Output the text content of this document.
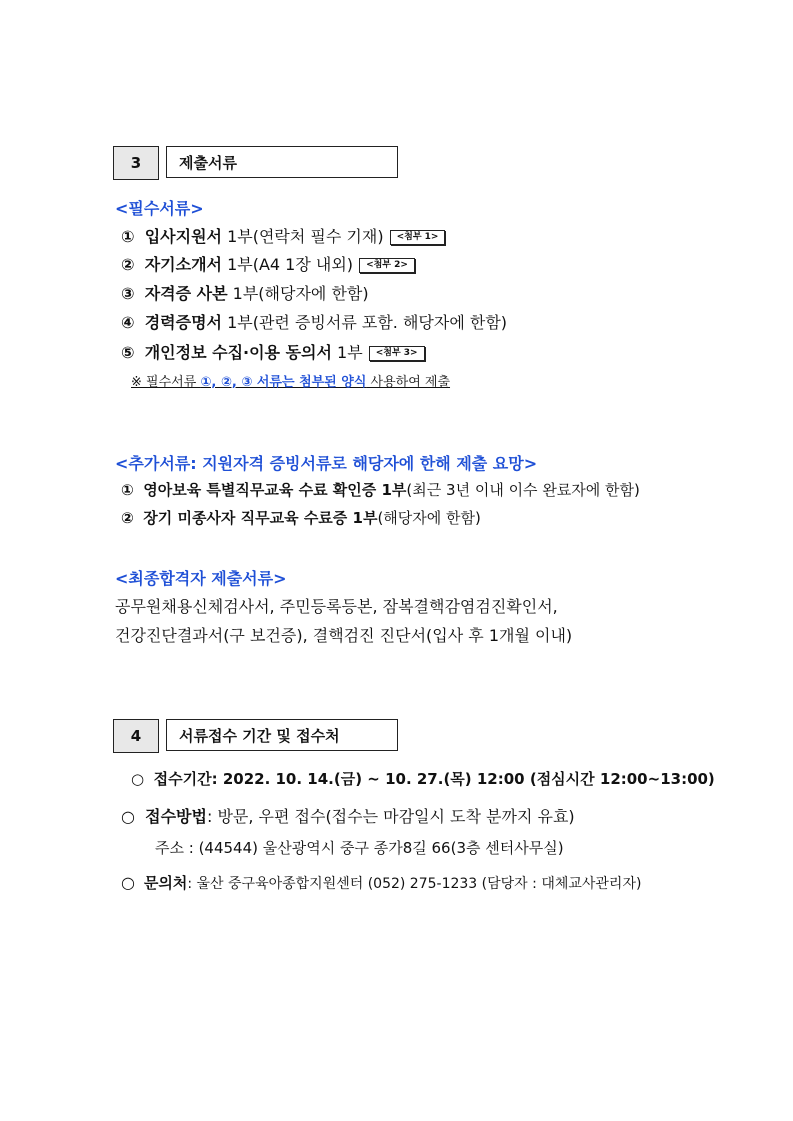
3	제출서류
<필수서류>
① 입사지원서 1부(연락처 필수 기재) <첨부 1>
② 자기소개서 1부(A4 1장 내외) <첨부 2>
③ 자격증 사본 1부(해당자에 한함)
④ 경력증명서 1부(관련 증빙서류 포함. 해당자에 한함)
⑤ 개인정보 수집·이용 동의서 1부 <첨부 3>
※ 필수서류 ①, ②, ③ 서류는 첨부된 양식 사용하여 제출
<추가서류: 지원자격 증빙서류로 해당자에 한해 제출 요망>
① 영아보육 특별직무교육 수료 확인증 1부(최근 3년 이내 이수 완료자에 한함)
② 장기 미종사자 직무교육 수료증 1부(해당자에 한함)
<최종합격자 제출서류>
공무원채용신체검사서, 주민등록등본, 잠복결핵감염검진확인서,
건강진단결과서(구 보건증), 결핵검진 진단서(입사 후 1개월 이내)
4	서류접수 기간 및 접수처
○ 접수기간: 2022. 10. 14.(금) ~ 10. 27.(목) 12:00 (점심시간 12:00~13:00)
○ 접수방법: 방문, 우편 접수(접수는 마감일시 도착 분까지 유효)
주소 : (44544) 울산광역시 중구 종가8길 66(3층 센터사무실)
○ 문의처: 울산 중구육아종합지원센터 (052) 275-1233 (담당자 : 대체교사관리자)
